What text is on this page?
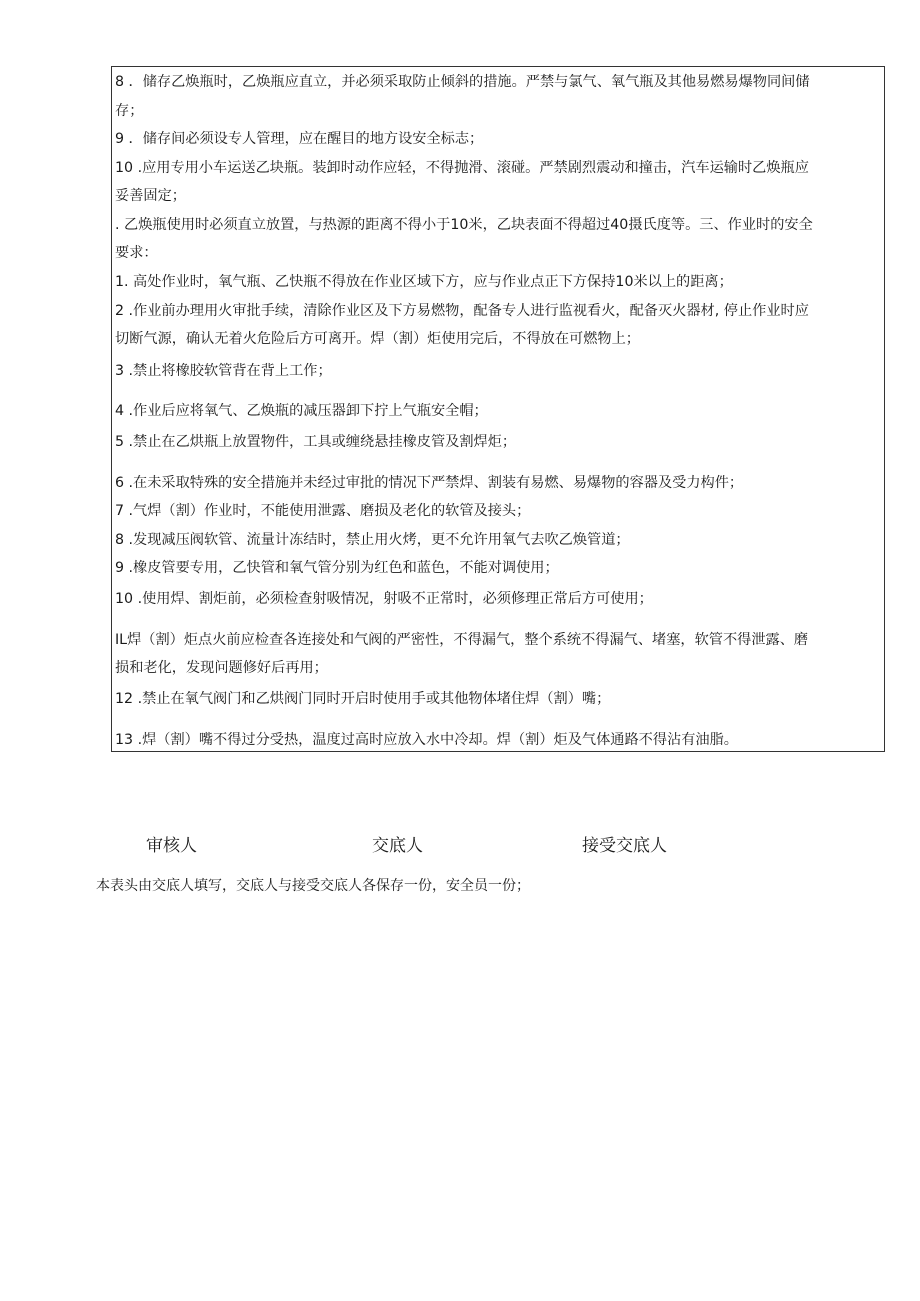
8 ．储存乙焕瓶时，乙焕瓶应直立，并必须采取防止倾斜的措施。严禁与氯气、氧气瓶及其他易燃易爆物同间储
存；
9 ．储存间必须设专人管理，应在醒目的地方设安全标志；
10 .应用专用小车运送乙块瓶。装卸时动作应轻，不得抛滑、滚碰。严禁剧烈震动和撞击，汽车运输时乙焕瓶应
妥善固定；
. 乙焕瓶使用时必须直立放置，与热源的距离不得小于10米，乙块表面不得超过40摄氏度等。三、作业时的安全
要求：
1. 高处作业时，氧气瓶、乙快瓶不得放在作业区域下方，应与作业点正下方保持10米以上的距离；
2 .作业前办理用火审批手续，清除作业区及下方易燃物，配备专人进行监视看火，配备灭火器材, 停止作业时应
切断气源，确认无着火危险后方可离开。焊（割）炬使用完后，不得放在可燃物上；
3 .禁止将橡胶软管背在背上工作；
4 .作业后应将氧气、乙焕瓶的减压器卸下拧上气瓶安全帽；
5 .禁止在乙烘瓶上放置物件，工具或缠绕悬挂橡皮管及割焊炬；
6 .在未采取特殊的安全措施并未经过审批的情况下严禁焊、割装有易燃、易爆物的容器及受力构件；
7 .气焊（割）作业时，不能使用泄露、磨损及老化的软管及接头；
8 .发现减压阀软管、流量计冻结时，禁止用火烤，更不允许用氧气去吹乙焕管道；
9 .橡皮管要专用，乙快管和氧气管分别为红色和蓝色，不能对调使用；
10 .使用焊、割炬前，必须检查射吸情况，射吸不正常时，必须修理正常后方可使用；
IL焊（割）炬点火前应检查各连接处和气阀的严密性，不得漏气，整个系统不得漏气、堵塞，软管不得泄露、磨
损和老化，发现问题修好后再用；
12 .禁止在氧气阀门和乙烘阀门同时开启时使用手或其他物体堵住焊（割）嘴；
13 .焊（割）嘴不得过分受热，温度过高时应放入水中冷却。焊（割）炬及气体通路不得沾有油脂。
审核人	交底人	接受交底人
本表头由交底人填写，交底人与接受交底人各保存一份，安全员一份；
